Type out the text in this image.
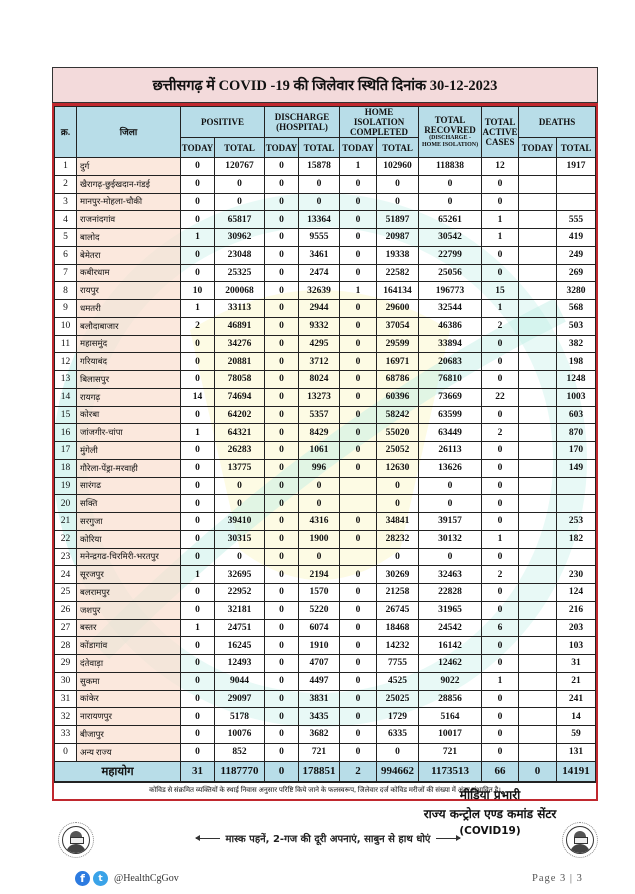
छत्तीसगढ़ में COVID -19 की जिलेवार स्थिति दिनांक 30-12-2023
क्र.	जिला	POSITIVE		DISCHARGE (HOSPITAL)		HOME ISOLATION COMPLETED		TOTAL RECOVRED
(DISCHARGE - HOME ISOLATION)	TOTAL ACTIVE CASES	DEATHS	
		TODAY	TOTAL	TODAY	TOTAL	TODAY	TOTAL			TODAY	TOTAL
1	दुर्ग	0	120767	0	15878	1	102960	118838	12		1917
2	खैरागढ़-छुईखदान-गंडई	0	0	0	0	0	0	0	0		
3	मानपुर-मोहला-चौकी	0	0	0	0	0	0	0	0		
4	राजनांदगांव	0	65817	0	13364	0	51897	65261	1		555
5	बालोद	1	30962	0	9555	0	20987	30542	1		419
6	बेमेतरा	0	23048	0	3461	0	19338	22799	0		249
7	कबीरधाम	0	25325	0	2474	0	22582	25056	0		269
8	रायपुर	10	200068	0	32639	1	164134	196773	15		3280
9	धमतरी	1	33113	0	2944	0	29600	32544	1		568
10	बलौदाबाजार	2	46891	0	9332	0	37054	46386	2		503
11	महासमुंद	0	34276	0	4295	0	29599	33894	0		382
12	गरियाबंद	0	20881	0	3712	0	16971	20683	0		198
13	बिलासपुर	0	78058	0	8024	0	68786	76810	0		1248
14	रायगढ़	14	74694	0	13273	0	60396	73669	22		1003
15	कोरबा	0	64202	0	5357	0	58242	63599	0		603
16	जांजगीर-चांपा	1	64321	0	8429	0	55020	63449	2		870
17	मुंगेली	0	26283	0	1061	0	25052	26113	0		170
18	गौरेला-पेंड्रा-मरवाही	0	13775	0	996	0	12630	13626	0		149
19	सारंगढ	0	0	0	0		0	0	0		
20	सक्ति	0	0	0	0		0	0	0		
21	सरगुजा	0	39410	0	4316	0	34841	39157	0		253
22	कोरिया	0	30315	0	1900	0	28232	30132	1		182
23	मनेन्द्रगढ-चिरमिरी-भरतपुर	0	0	0	0		0	0	0		
24	सूरजपुर	1	32695	0	2194	0	30269	32463	2		230
25	बलरामपुर	0	22952	0	1570	0	21258	22828	0		124
26	जशपुर	0	32181	0	5220	0	26745	31965	0		216
27	बस्तर	1	24751	0	6074	0	18468	24542	6		203
28	कोंडागांव	0	16245	0	1910	0	14232	16142	0		103
29	दंतेवाड़ा	0	12493	0	4707	0	7755	12462	0		31
30	सुकमा	0	9044	0	4497	0	4525	9022	1		21
31	कांकेर	0	29097	0	3831	0	25025	28856	0		241
32	नारायणपुर	0	5178	0	3435	0	1729	5164	0		14
33	बीजापुर	0	10076	0	3682	0	6335	10017	0		59
0	अन्य राज्य	0	852	0	721	0	0	721	0		131
महायोग		31	1187770	0	178851	2	994662	1173513	66	0	14191
कोविड से संक्रमित व्यक्तियों के स्थाई निवास अनुसार परिष्टि किये जाने के फलस्वरूप, जिलेवार दर्ज कोविड मरीजों की संख्या में अंतर संभावित है।
मीडिया प्रभारी
राज्य कन्ट्रोल एण्ड कमांड सेंटर
(COVID19)
मास्क पहनें, 2-गज की दूरी अपनाएं, साबुन से हाथ धोएं
f	t	@HealthCgGov	Page 3 | 3
